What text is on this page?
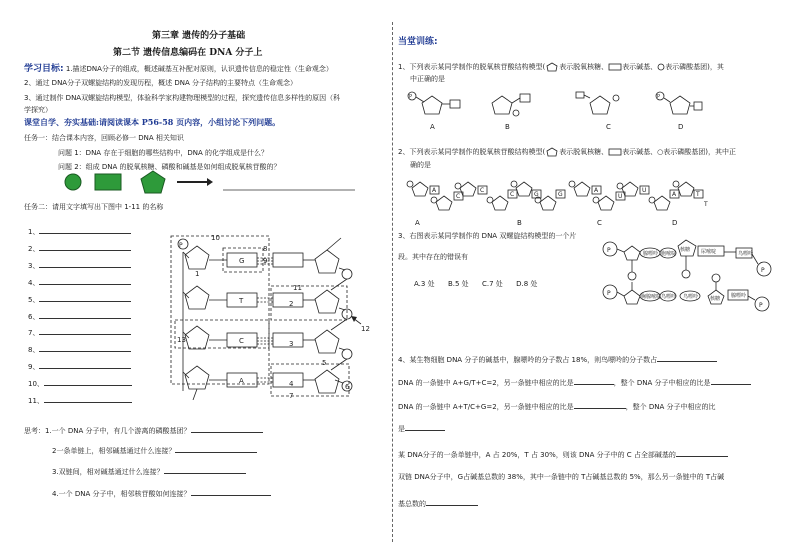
第三章 遗传的分子基础
第二节 遗传信息编码在 DNA 分子上
学习目标: 1.描述DNA分子的组成，概述碱基互补配对原则，认识遗传信息的稳定性（生命观念）
2、通过 DNA分子双螺旋结构的发现历程，概述 DNA 分子结构的主要特点（生命观念）
3、通过制作 DNA双螺旋结构模型，体验科学家构建物理模型的过程，探究遗传信息多样性的原因（科
学探究）
课堂自学、夯实基础:请阅读课本 P56-58 页内容，小组讨论下列问题。
任务一：结合课本内容，回顾必修一 DNA 相关知识
问题 1：DNA 存在于细胞的哪些结构中，DNA 的化学组成是什么？
问题 2：组成 DNA 的脱氧核糖、磷酸和碱基是如何组成脱氧核苷酸的？
任务二：请用文字填写出下图中 1-11 的名称
1、
2、
3、
4、
5、
6、
7、
8、
9、
10、
11、
P
G
T
C
A
2
3
4
5
6
7
8
9
10
11
12
13
1
思考：1.一个 DNA 分子中，有几个游离的磷酸基团？
2一条单链上，相邻碱基通过什么连接？
3.双链间，相对碱基通过什么连接？
4.一个 DNA 分子中，相邻核苷酸如何连接？
当堂训练:
1、下列表示某同学制作的脱氧核苷酸结构模型( 表示脱氧核糖、 表示碱基、 表示磷酸基团)，其
中正确的是
P	P
A	B	C	D
2、下列表示某同学制作的脱氧核苷酸结构模型( 表示脱氧核糖、 表示碱基、○表示磷酸基团)，其中正
确的是
A
C
C
C	G	G
A
U
U
A	T
T
A	B	C	D
3、右图表示某同学制作的 DNA 双螺旋结构模型的一个片
段。其中存在的错误有
A.3 处 B.5 处 C.7 处 D.8 处
P
P
P
P
腺嘌呤 胞嘧啶	尿嘧啶	鸟嘌呤
胸腺嘧啶 鸟嘌呤 鸟嘌呤	腺嘌呤
核糖
核糖
4、某生物细胞 DNA 分子的碱基中，腺嘌呤的分子数占 18%，则鸟嘌呤的分子数占
DNA 的一条链中 A+G/T+C=2，另一条链中相应的比是	，整个 DNA 分子中相应的比是
DNA 的一条链中 A+T/C+G=2，另一条链中相应的比是	，整个 DNA 分子中相应的比
是
某 DNA分子的一条单链中，A 占 20%，T 占 30%，则该 DNA 分子中的 C 占全部碱基的
双链 DNA分子中，G占碱基总数的 38%，其中一条链中的 T占碱基总数的 5%，那么另一条链中的 T占碱
基总数的
